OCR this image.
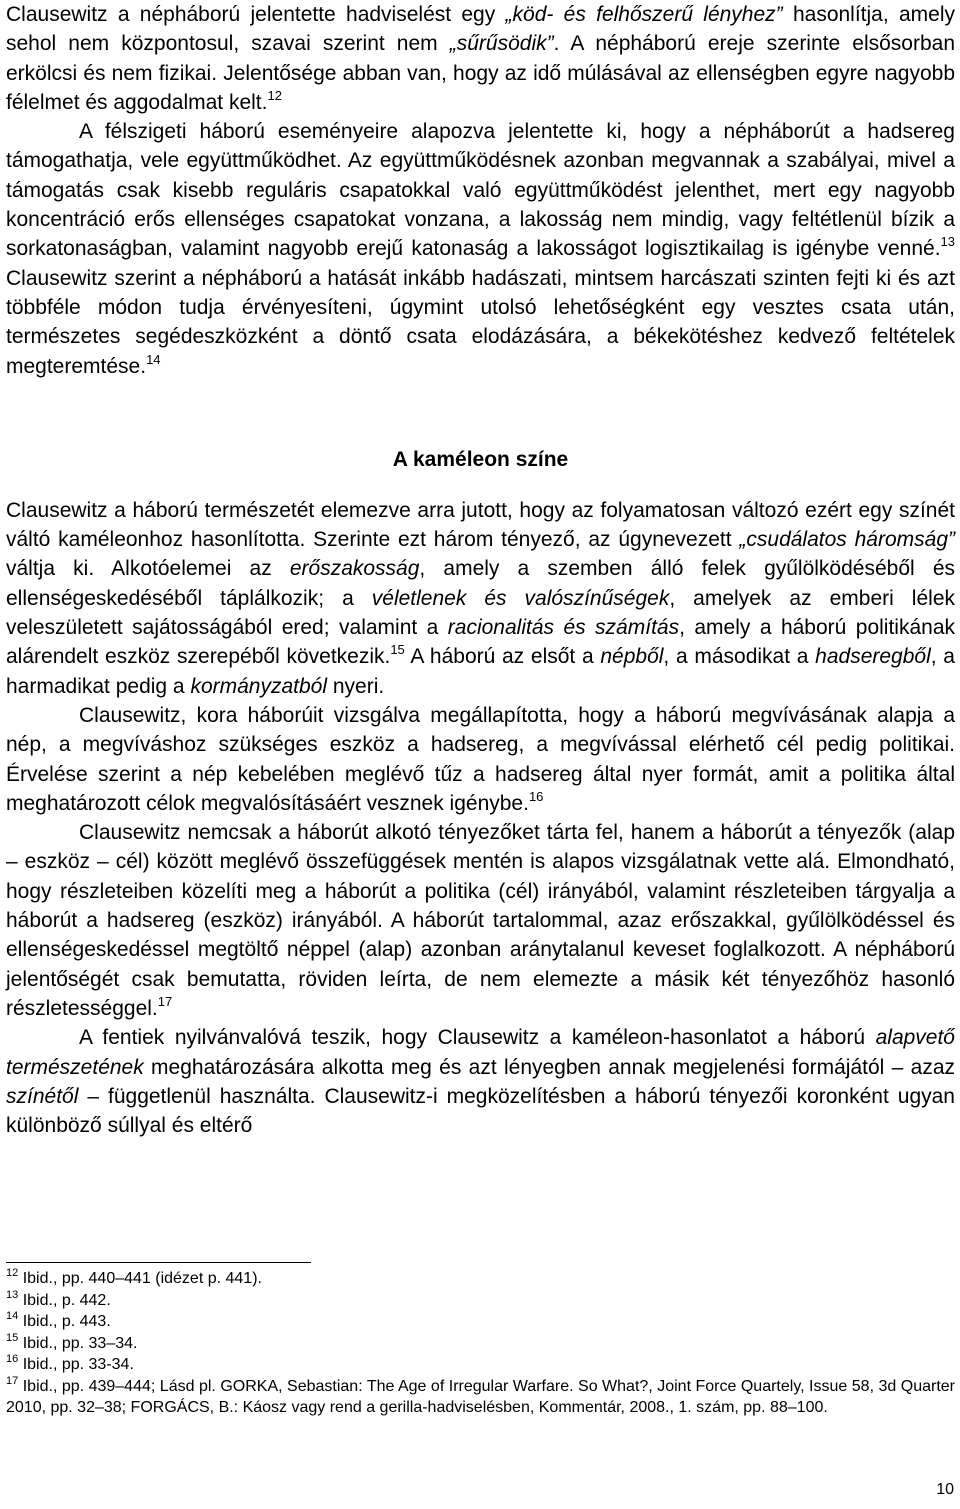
Clausewitz a népháború jelentette hadviselést egy „köd- és felhőszerű lényhez” hasonlítja, amely sehol nem központosul, szavai szerint nem „sűrűsödik”. A népháború ereje szerinte elsősorban erkölcsi és nem fizikai. Jelentősége abban van, hogy az idő múlásával az ellenségben egyre nagyobb félelmet és aggodalmat kelt.$^{12}$

A félszigeti háború eseményeire alapozva jelentette ki, hogy a népháborút a hadsereg támogathatja, vele együttműködhet. Az együttműködésnek azonban megvannak a szabályai, mivel a támogatás csak kisebb reguláris csapatokkal való együttműködést jelenthet, mert egy nagyobb koncentráció erős ellenséges csapatokat vonzana, a lakosság nem mindig, vagy feltétlenül bízik a sorkatonaságban, valamint nagyobb erejű katonaság a lakosságot logisztikailag is igénybe venné.$^{13}$ Clausewitz szerint a népháború a hatását inkább hadászati, mintsem harcászati szinten fejti ki és azt többféle módon tudja érvényesíteni, úgymint utolsó lehetőségként egy vesztes csata után, természetes segédeszközként a döntő csata elodázására, a békekötéshez kedvező feltételek megteremtése.$^{14}$

A kaméleon színe

Clausewitz a háború természetét elemezve arra jutott, hogy az folyamatosan változó ezért egy színét váltó kaméleonhoz hasonlította. Szerinte ezt három tényező, az úgynevezett „csudálatos háromság” váltja ki. Alkotóelemei az erőszakosság, amely a szemben álló felek gyűlölködéséből és ellenségeskedéséből táplálkozik; a véletlenek és valószínűségek, amelyek az emberi lélek veleszületett sajátosságából ered; valamint a racionalitás és számítás, amely a háború politikának alárendelt eszköz szerepéből következik.$^{15}$ A háború az elsőt a népből, a másodikat a hadseregből, a harmadikat pedig a kormányzatból nyeri.

Clausewitz, kora háborúit vizsgálva megállapította, hogy a háború megvívásának alapja a nép, a megvíváshoz szükséges eszköz a hadsereg, a megvívással elérhető cél pedig politikai. Érvelése szerint a nép kebelében meglévő tűz a hadsereg által nyer formát, amit a politika által meghatározott célok megvalósításáért vesznek igénybe.$^{16}$

Clausewitz nemcsak a háborút alkotó tényezőket tárta fel, hanem a háborút a tényezők (alap – eszköz – cél) között meglévő összefüggések mentén is alapos vizsgálatnak vette alá. Elmondható, hogy részleteiben közelíti meg a háborút a politika (cél) irányából, valamint részleteiben tárgyalja a háborút a hadsereg (eszköz) irányából. A háborút tartalommal, azaz erőszakkal, gyűlölködéssel és ellenségeskedéssel megtöltő néppel (alap) azonban aránytalanul keveset foglalkozott. A népháború jelentőségét csak bemutatta, röviden leírta, de nem elemezte a másik két tényezőhöz hasonló részletességgel.$^{17}$

A fentiek nyilvánvalóvá teszik, hogy Clausewitz a kaméleon-hasonlatot a háború alapvető természetének meghatározására alkotta meg és azt lényegben annak megjelenési formájától – azaz színétől – függetlenül használta. Clausewitz-i megközelítésben a háború tényezői koronként ugyan különböző súllyal és eltérő

$^{12}$ Ibid., pp. 440–441 (idézet p. 441).

$^{13}$ Ibid., p. 442.

$^{14}$ Ibid., p. 443.

$^{15}$ Ibid., pp. 33–34.

$^{16}$ Ibid., pp. 33-34.

$^{17}$ Ibid., pp. 439–444; Lásd pl. GORKA, Sebastian: The Age of Irregular Warfare. So What?, Joint Force Quartely, Issue 58, 3d Quarter 2010, pp. 32–38; FORGÁCS, B.: Káosz vagy rend a gerilla-hadviselésben, Kommentár, 2008., 1. szám, pp. 88–100.

10
